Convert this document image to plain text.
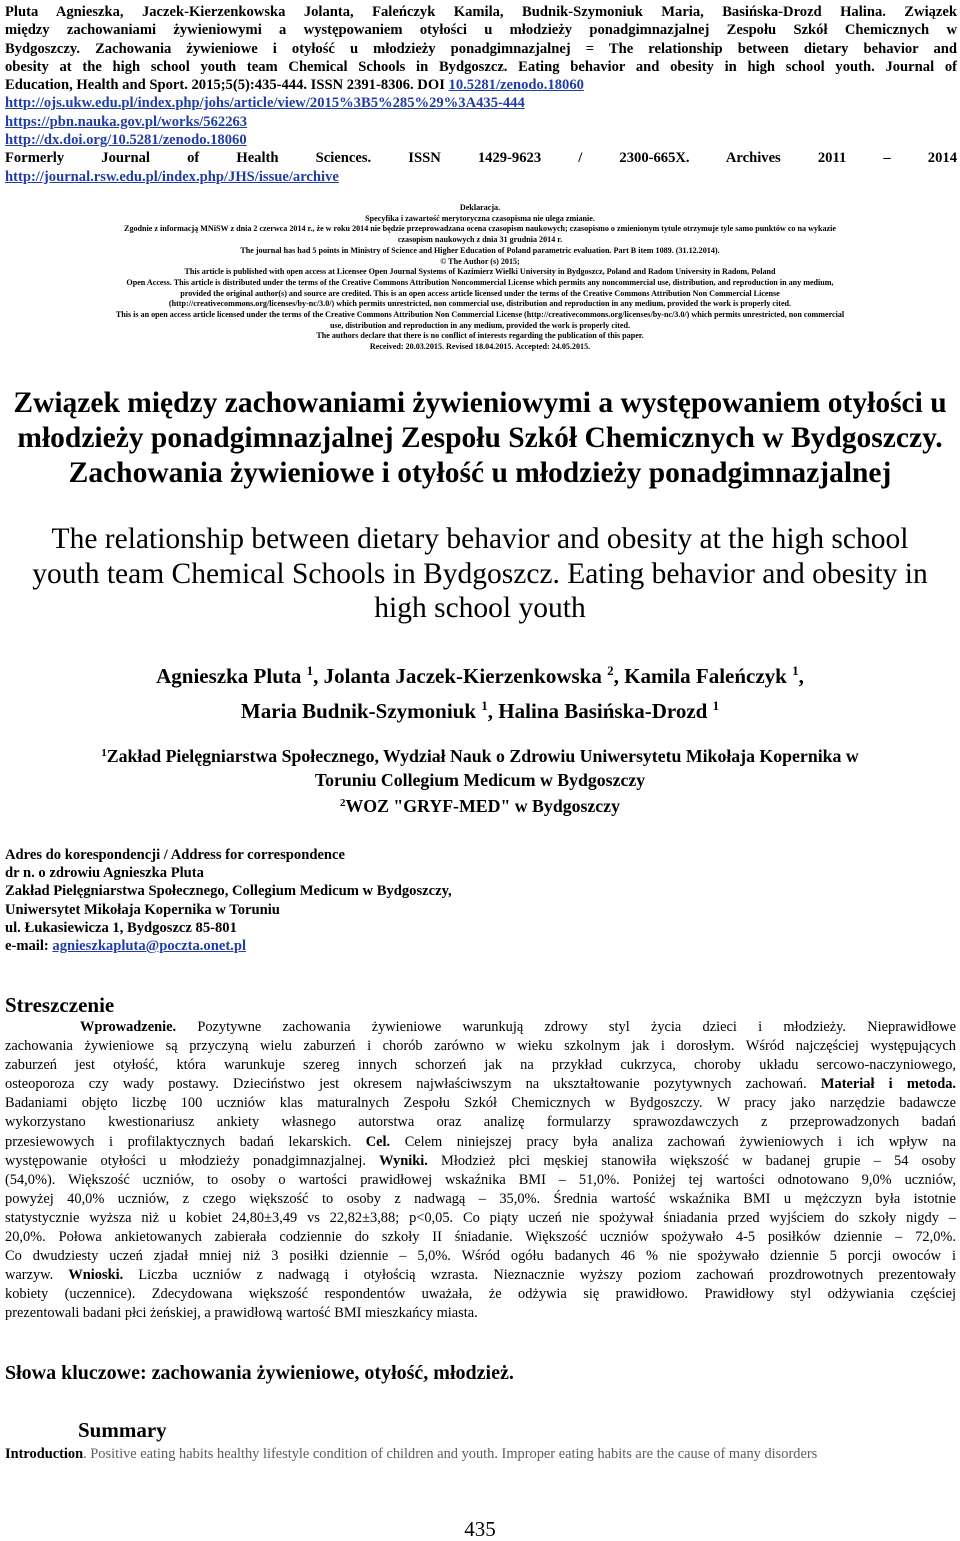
Pluta Agnieszka, Jaczek-Kierzenkowska Jolanta, Faleńczyk Kamila, Budnik-Szymoniuk Maria, Basińska-Drozd Halina. Związek
między zachowaniami żywieniowymi a występowaniem otyłości u młodzieży ponadgimnazjalnej Zespołu Szkół Chemicznych w
Bydgoszczy. Zachowania żywieniowe i otyłość u młodzieży ponadgimnazjalnej = The relationship between dietary behavior and
obesity at the high school youth team Chemical Schools in Bydgoszcz. Eating behavior and obesity in high school youth. Journal of
Education, Health and Sport. 2015;5(5):435-444. ISSN 2391-8306. DOI 10.5281/zenodo.18060
http://ojs.ukw.edu.pl/index.php/johs/article/view/2015%3B5%285%29%3A435-444
https://pbn.nauka.gov.pl/works/562263
http://dx.doi.org/10.5281/zenodo.18060
Formerly Journal of Health Sciences. ISSN 1429-9623 / 2300-665X. Archives 2011 – 2014
http://journal.rsw.edu.pl/index.php/JHS/issue/archive
Deklaracja.
Specyfika i zawartość merytoryczna czasopisma nie ulega zmianie.
Zgodnie z informacją MNiSW z dnia 2 czerwca 2014 r., że w roku 2014 nie będzie przeprowadzana ocena czasopism naukowych; czasopismo o zmienionym tytule otrzymuje tyle samo punktów co na wykazie
czasopism naukowych z dnia 31 grudnia 2014 r.
The journal has had 5 points in Ministry of Science and Higher Education of Poland parametric evaluation. Part B item 1089. (31.12.2014).
© The Author (s) 2015;
This article is published with open access at Licensee Open Journal Systems of Kazimierz Wielki University in Bydgoszcz, Poland and Radom University in Radom, Poland
Open Access. This article is distributed under the terms of the Creative Commons Attribution Noncommercial License which permits any noncommercial use, distribution, and reproduction in any medium,
provided the original author(s) and source are credited. This is an open access article licensed under the terms of the Creative Commons Attribution Non Commercial License
(http://creativecommons.org/licenses/by-nc/3.0/) which permits unrestricted, non commercial use, distribution and reproduction in any medium, provided the work is properly cited.
This is an open access article licensed under the terms of the Creative Commons Attribution Non Commercial License (http://creativecommons.org/licenses/by-nc/3.0/) which permits unrestricted, non commercial
use, distribution and reproduction in any medium, provided the work is properly cited.
The authors declare that there is no conflict of interests regarding the publication of this paper.
Received: 20.03.2015. Revised 18.04.2015. Accepted: 24.05.2015.
Związek między zachowaniami żywieniowymi a występowaniem otyłości u
młodzieży ponadgimnazjalnej Zespołu Szkół Chemicznych w Bydgoszczy.
Zachowania żywieniowe i otyłość u młodzieży ponadgimnazjalnej
The relationship between dietary behavior and obesity at the high school
youth team Chemical Schools in Bydgoszcz. Eating behavior and obesity in
high school youth
Agnieszka Pluta $^1$, Jolanta Jaczek-Kierzenkowska $^2$, Kamila Faleńczyk $^1$,
Maria Budnik-Szymoniuk $^1$, Halina Basińska-Drozd $^1$
$^1$Zakład Pielęgniarstwa Społecznego, Wydział Nauk o Zdrowiu Uniwersytetu Mikołaja Kopernika w
Toruniu Collegium Medicum w Bydgoszczy
$^2$WOZ "GRYF-MED" w Bydgoszczy
Adres do korespondencji / Address for correspondence
dr n. o zdrowiu Agnieszka Pluta
Zakład Pielęgniarstwa Społecznego, Collegium Medicum w Bydgoszczy,
Uniwersytet Mikołaja Kopernika w Toruniu
ul. Łukasiewicza 1, Bydgoszcz 85-801
e-mail: agnieszkapluta@poczta.onet.pl
Streszczenie
Wprowadzenie. Pozytywne zachowania żywieniowe warunkują zdrowy styl życia dzieci i młodzieży. Nieprawidłowe
zachowania żywieniowe są przyczyną wielu zaburzeń i chorób zarówno w wieku szkolnym jak i dorosłym. Wśród najczęściej występujących
zaburzeń jest otyłość, która warunkuje szereg innych schorzeń jak na przykład cukrzyca, choroby układu sercowo-naczyniowego,
osteoporoza czy wady postawy. Dzieciństwo jest okresem najwłaściwszym na ukształtowanie pozytywnych zachowań. Materiał i metoda.
Badaniami objęto liczbę 100 uczniów klas maturalnych Zespołu Szkół Chemicznych w Bydgoszczy. W pracy jako narzędzie badawcze
wykorzystano kwestionariusz ankiety własnego autorstwa oraz analizę formularzy sprawozdawczych z przeprowadzonych badań
przesiewowych i profilaktycznych badań lekarskich. Cel. Celem niniejszej pracy była analiza zachowań żywieniowych i ich wpływ na
występowanie otyłości u młodzieży ponadgimnazjalnej. Wyniki. Młodzież płci męskiej stanowiła większość w badanej grupie – 54 osoby
(54,0%). Większość uczniów, to osoby o wartości prawidłowej wskaźnika BMI – 51,0%. Poniżej tej wartości odnotowano 9,0% uczniów,
powyżej 40,0% uczniów, z czego większość to osoby z nadwagą – 35,0%. Średnia wartość wskaźnika BMI u mężczyzn była istotnie
statystycznie wyższa niż u kobiet 24,80±3,49 vs 22,82±3,88; p<0,05. Co piąty uczeń nie spożywał śniadania przed wyjściem do szkoły nigdy –
20,0%. Połowa ankietowanych zabierała codziennie do szkoły II śniadanie. Większość uczniów spożywało 4-5 posiłków dziennie – 72,0%.
Co dwudziesty uczeń zjadał mniej niż 3 posiłki dziennie – 5,0%. Wśród ogółu badanych 46 % nie spożywało dziennie 5 porcji owoców i
warzyw. Wnioski. Liczba uczniów z nadwagą i otyłością wzrasta. Nieznacznie wyższy poziom zachowań prozdrowotnych prezentowały
kobiety (uczennice). Zdecydowana większość respondentów uważała, że odżywia się prawidłowo. Prawidłowy styl odżywiania częściej
prezentowali badani płci żeńskiej, a prawidłową wartość BMI mieszkańcy miasta.
Słowa kluczowe: zachowania żywieniowe, otyłość, młodzież.
Summary
Introduction. Positive eating habits healthy lifestyle condition of children and youth. Improper eating habits are the cause of many disorders
435
